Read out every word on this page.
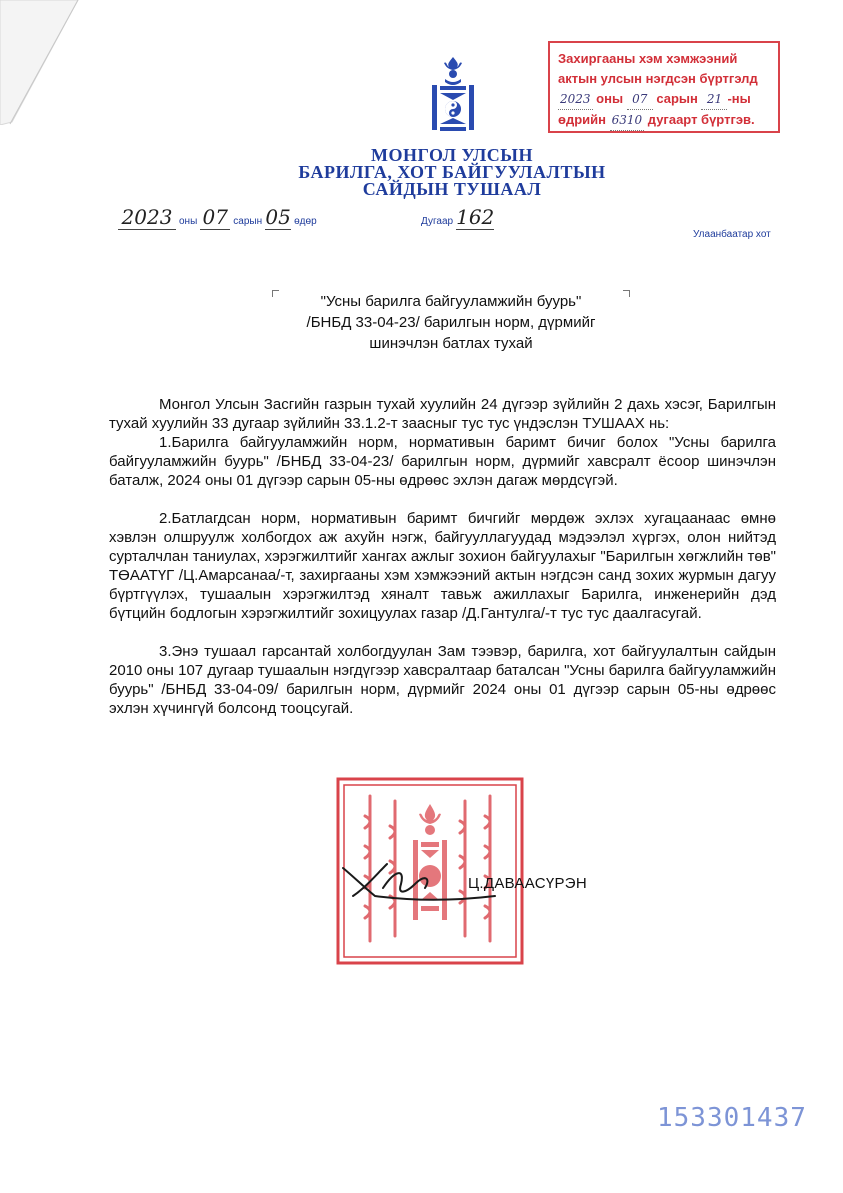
Захиргааны хэм хэмжээний
актын улсын нэгдсэн бүртгэлд
2023 оны 07 сарын 21 -ны
өдрийн 6310 дугаарт бүртгэв.
МОНГОЛ УЛСЫН
БАРИЛГА, ХОТ БАЙГУУЛАЛТЫН
САЙДЫН ТУШААЛ
2023 оны 07 сарын 05 өдөр	Дугаар 162
Улаанбаатар хот
"Усны барилга байгууламжийн буурь"
/БНБД 33-04-23/ барилгын норм, дүрмийг
шинэчлэн батлах тухай

Монгол Улсын Засгийн газрын тухай хуулийн 24 дүгээр зүйлийн 2 дахь хэсэг, Барилгын тухай хуулийн 33 дугаар зүйлийн 33.1.2-т заасныг тус тус үндэслэн ТУШААХ нь:

1.Барилга байгууламжийн норм, нормативын баримт бичиг болох "Усны барилга байгууламжийн буурь" /БНБД 33-04-23/ барилгын норм, дүрмийг хавсралт ёсоор шинэчлэн баталж, 2024 оны 01 дүгээр сарын 05-ны өдрөөс эхлэн дагаж мөрдсүгэй.

2.Батлагдсан норм, нормативын баримт бичгийг мөрдөж эхлэх хугацаанаас өмнө хэвлэн олшруулж холбогдох аж ахуйн нэгж, байгууллагуудад мэдээлэл хүргэх, олон нийтэд сурталчлан таниулах, хэрэгжилтийг хангах ажлыг зохион байгуулахыг "Барилгын хөгжлийн төв" ТӨААТҮГ /Ц.Амарсанаа/-т, захиргааны хэм хэмжээний актын нэгдсэн санд зохих журмын дагуу бүртгүүлэх, тушаалын хэрэгжилтэд хяналт тавьж ажиллахыг Барилга, инженерийн дэд бүтцийн бодлогын хэрэгжилтийг зохицуулах газар /Д.Гантулга/-т тус тус даалгасугай.

3.Энэ тушаал гарсантай холбогдуулан Зам тээвэр, барилга, хот байгуулалтын сайдын 2010 оны 107 дугаар тушаалын нэгдүгээр хавсралтаар баталсан "Усны барилга байгууламжийн буурь" /БНБД 33-04-09/ барилгын норм, дүрмийг 2024 оны 01 дүгээр сарын 05-ны өдрөөс эхлэн хүчингүй болсонд тооцсугай.

Ц.ДАВААСҮРЭН
153301437
